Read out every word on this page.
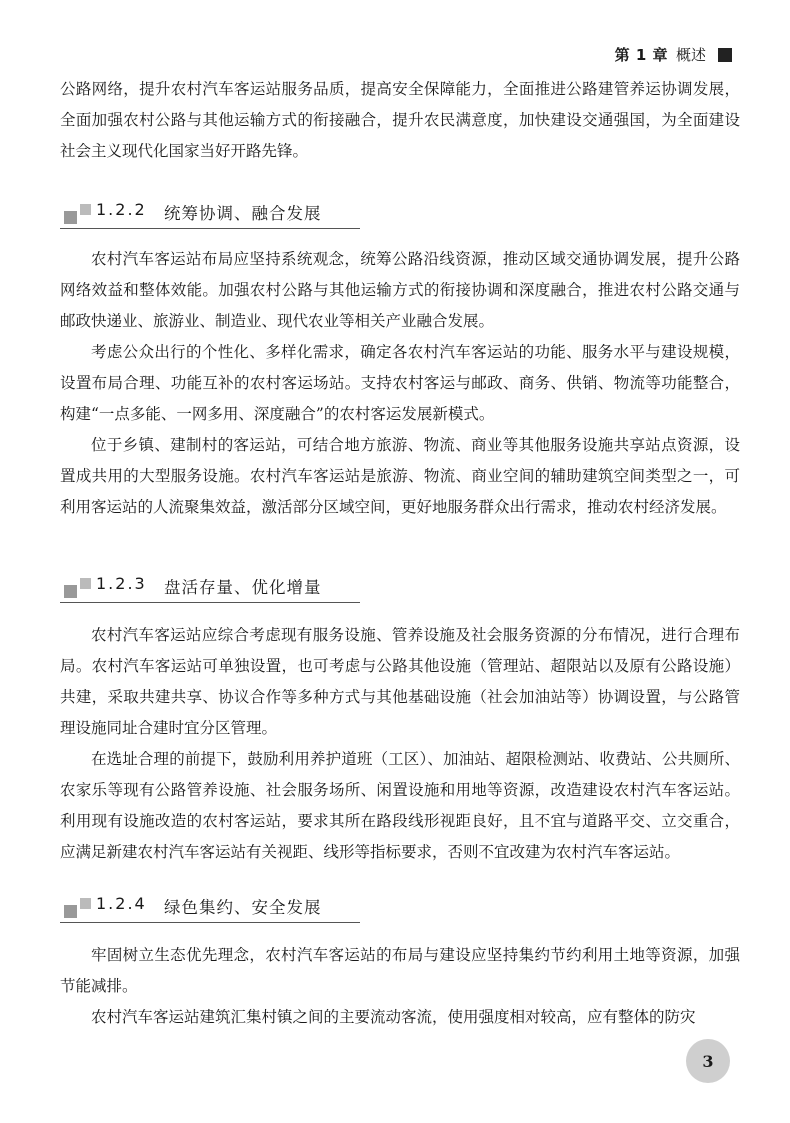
第 1 章 概述

公路网络，提升农村汽车客运站服务品质，提高安全保障能力，全面推进公路建管养运协调发展，全面加强农村公路与其他运输方式的衔接融合，提升农民满意度，加快建设交通强国，为全面建设社会主义现代化国家当好开路先锋。

1.2.2 统筹协调、融合发展

农村汽车客运站布局应坚持系统观念，统筹公路沿线资源，推动区域交通协调发展，提升公路网络效益和整体效能。加强农村公路与其他运输方式的衔接协调和深度融合，推进农村公路交通与邮政快递业、旅游业、制造业、现代农业等相关产业融合发展。

考虑公众出行的个性化、多样化需求，确定各农村汽车客运站的功能、服务水平与建设规模，设置布局合理、功能互补的农村客运场站。支持农村客运与邮政、商务、供销、物流等功能整合，构建“一点多能、一网多用、深度融合”的农村客运发展新模式。

位于乡镇、建制村的客运站，可结合地方旅游、物流、商业等其他服务设施共享站点资源，设置成共用的大型服务设施。农村汽车客运站是旅游、物流、商业空间的辅助建筑空间类型之一，可利用客运站的人流聚集效益，激活部分区域空间，更好地服务群众出行需求，推动农村经济发展。

1.2.3 盘活存量、优化增量

农村汽车客运站应综合考虑现有服务设施、管养设施及社会服务资源的分布情况，进行合理布局。农村汽车客运站可单独设置，也可考虑与公路其他设施（管理站、超限站以及原有公路设施）共建，采取共建共享、协议合作等多种方式与其他基础设施（社会加油站等）协调设置，与公路管理设施同址合建时宜分区管理。

在选址合理的前提下，鼓励利用养护道班（工区）、加油站、超限检测站、收费站、公共厕所、农家乐等现有公路管养设施、社会服务场所、闲置设施和用地等资源，改造建设农村汽车客运站。利用现有设施改造的农村客运站，要求其所在路段线形视距良好，且不宜与道路平交、立交重合，应满足新建农村汽车客运站有关视距、线形等指标要求，否则不宜改建为农村汽车客运站。

1.2.4 绿色集约、安全发展

牢固树立生态优先理念，农村汽车客运站的布局与建设应坚持集约节约利用土地等资源，加强节能减排。

农村汽车客运站建筑汇集村镇之间的主要流动客流，使用强度相对较高，应有整体的防灾

3
